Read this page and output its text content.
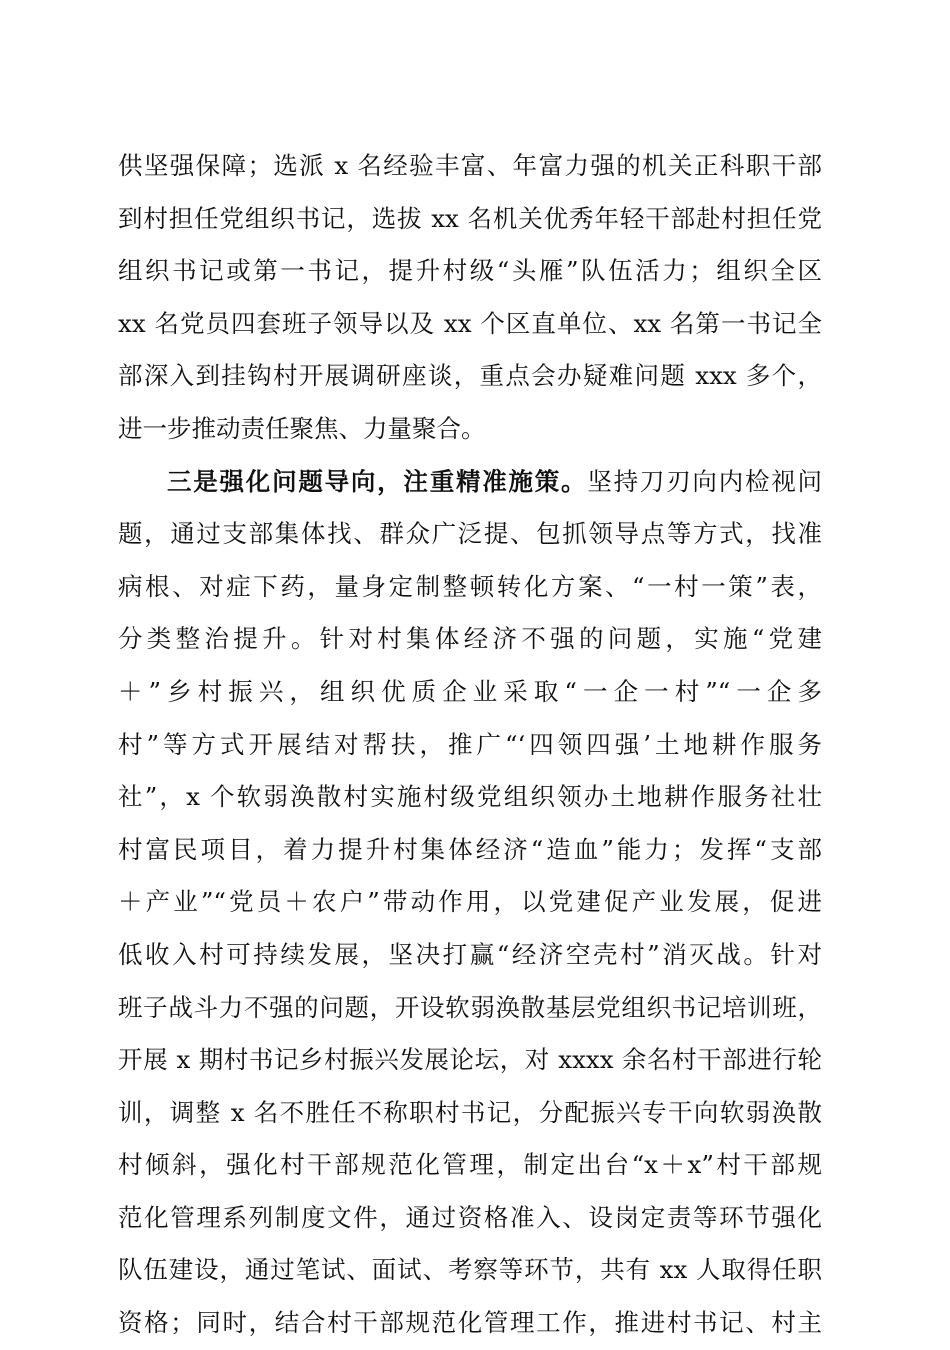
供坚强保障；选派 x 名经验丰富、年富力强的机关正科职干部
到村担任党组织书记，选拔 xx 名机关优秀年轻干部赴村担任党
组织书记或第一书记，提升村级“头雁”队伍活力；组织全区
xx 名党员四套班子领导以及 xx 个区直单位、xx 名第一书记全
部深入到挂钩村开展调研座谈，重点会办疑难问题 xxx 多个，
进一步推动责任聚焦、力量聚合。
三是强化问题导向，注重精准施策。坚持刀刃向内检视问
题，通过支部集体找、群众广泛提、包抓领导点等方式，找准
病根、对症下药，量身定制整顿转化方案、“一村一策”表，
分类整治提升。针对村集体经济不强的问题，实施“党建
＋”乡村振兴，组织优质企业采取“一企一村”“一企多
村”等方式开展结对帮扶，推广“‘四领四强’土地耕作服务
社”，x 个软弱涣散村实施村级党组织领办土地耕作服务社壮
村富民项目，着力提升村集体经济“造血”能力；发挥“支部
＋产业”“党员＋农户”带动作用，以党建促产业发展，促进
低收入村可持续发展，坚决打赢“经济空壳村”消灭战。针对
班子战斗力不强的问题，开设软弱涣散基层党组织书记培训班，
开展 x 期村书记乡村振兴发展论坛，对 xxxx 余名村干部进行轮
训，调整 x 名不胜任不称职村书记，分配振兴专干向软弱涣散
村倾斜，强化村干部规范化管理，制定出台“x＋x”村干部规
范化管理系列制度文件，通过资格准入、设岗定责等环节强化
队伍建设，通过笔试、面试、考察等环节，共有 xx 人取得任职
资格；同时，结合村干部规范化管理工作，推进村书记、村主
